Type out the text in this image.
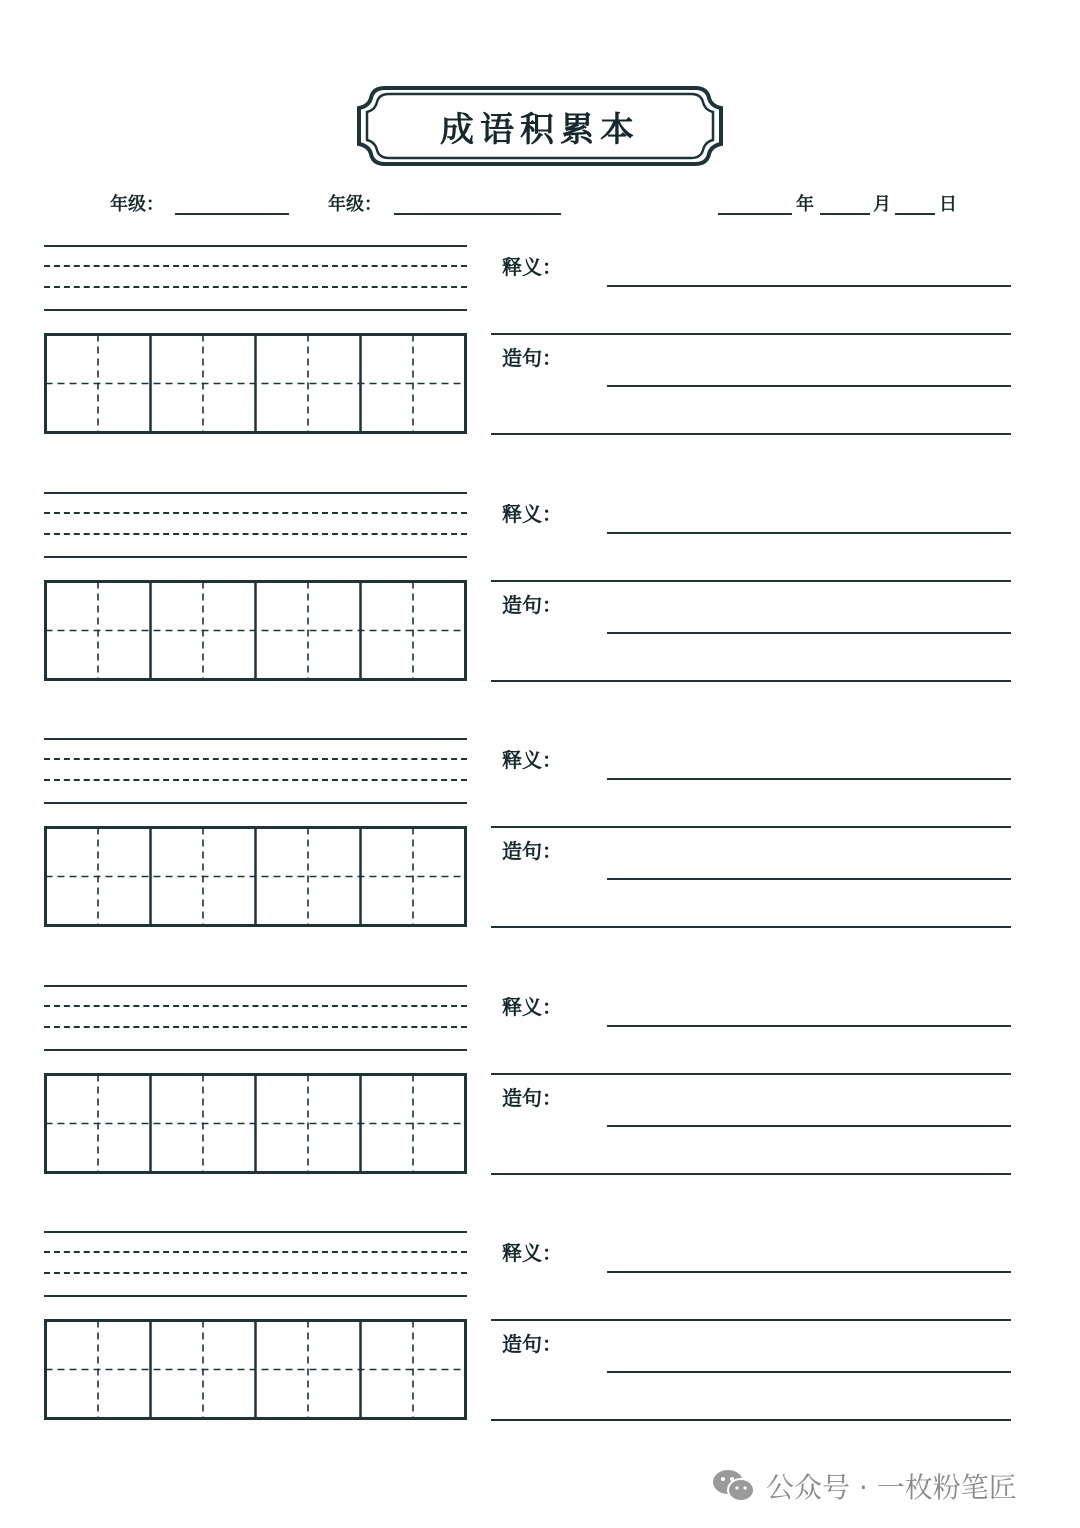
成语积累本
年级：	年级：	年	月	日
释义：
造句：
释义：
造句：
释义：
造句：
释义：
造句：
释义：
造句：
公众号 · 一枚粉笔匠
